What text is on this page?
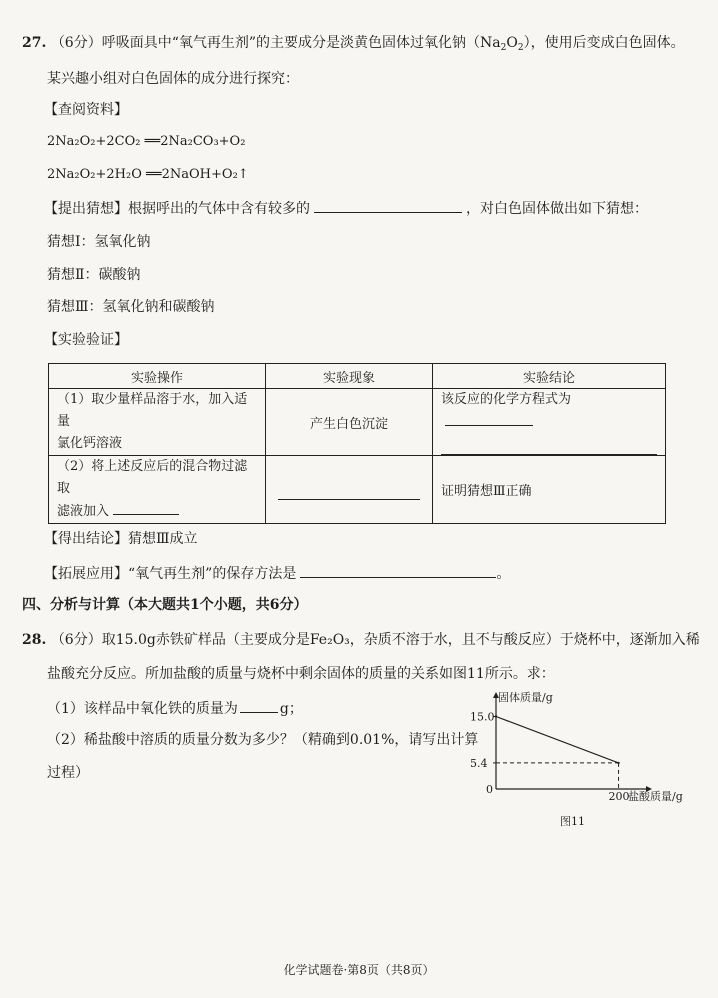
27. （6分）呼吸面具中“氧气再生剂”的主要成分是淡黄色固体过氧化钠$(Na_2O_2)$，使用后变成白色固体。
某兴趣小组对白色固体的成分进行探究：
【查阅资料】
2Na₂O₂+2CO₂ ══2Na₂CO₃+O₂
2Na₂O₂+2H₂O ══2NaOH+O₂↑
【提出猜想】根据呼出的气体中含有较多的	，对白色固体做出如下猜想：
猜想Ⅰ：氢氧化钠
猜想Ⅱ：碳酸钠
猜想Ⅲ：氢氧化钠和碳酸钠
【实验验证】
实验操作	实验现象	实验结论

（1）取少量样品溶于水，加入适量
氯化钙溶液	产生白色沉淀	该反应的化学方程式为

（2）将上述反应后的混合物过滤取
滤液加入		证明猜想Ⅲ正确
【得出结论】猜想Ⅲ成立
【拓展应用】“氧气再生剂”的保存方法是	。
四、分析与计算（本大题共1个小题，共6分）
28. （6分）取15.0g赤铁矿样品（主要成分是Fe₂O₃，杂质不溶于水，且不与酸反应）于烧杯中，逐渐加入稀
盐酸充分反应。所加盐酸的质量与烧杯中剩余固体的质量的关系如图11所示。求：
（1）该样品中氧化铁的质量为	g；
（2）稀盐酸中溶质的质量分数为多少？（精确到0.01%，请写出计算
过程）
固体质量/g
盐酸质量/g
0
15.0
5.4
200
图11
化学试题卷·第8页（共8页）
